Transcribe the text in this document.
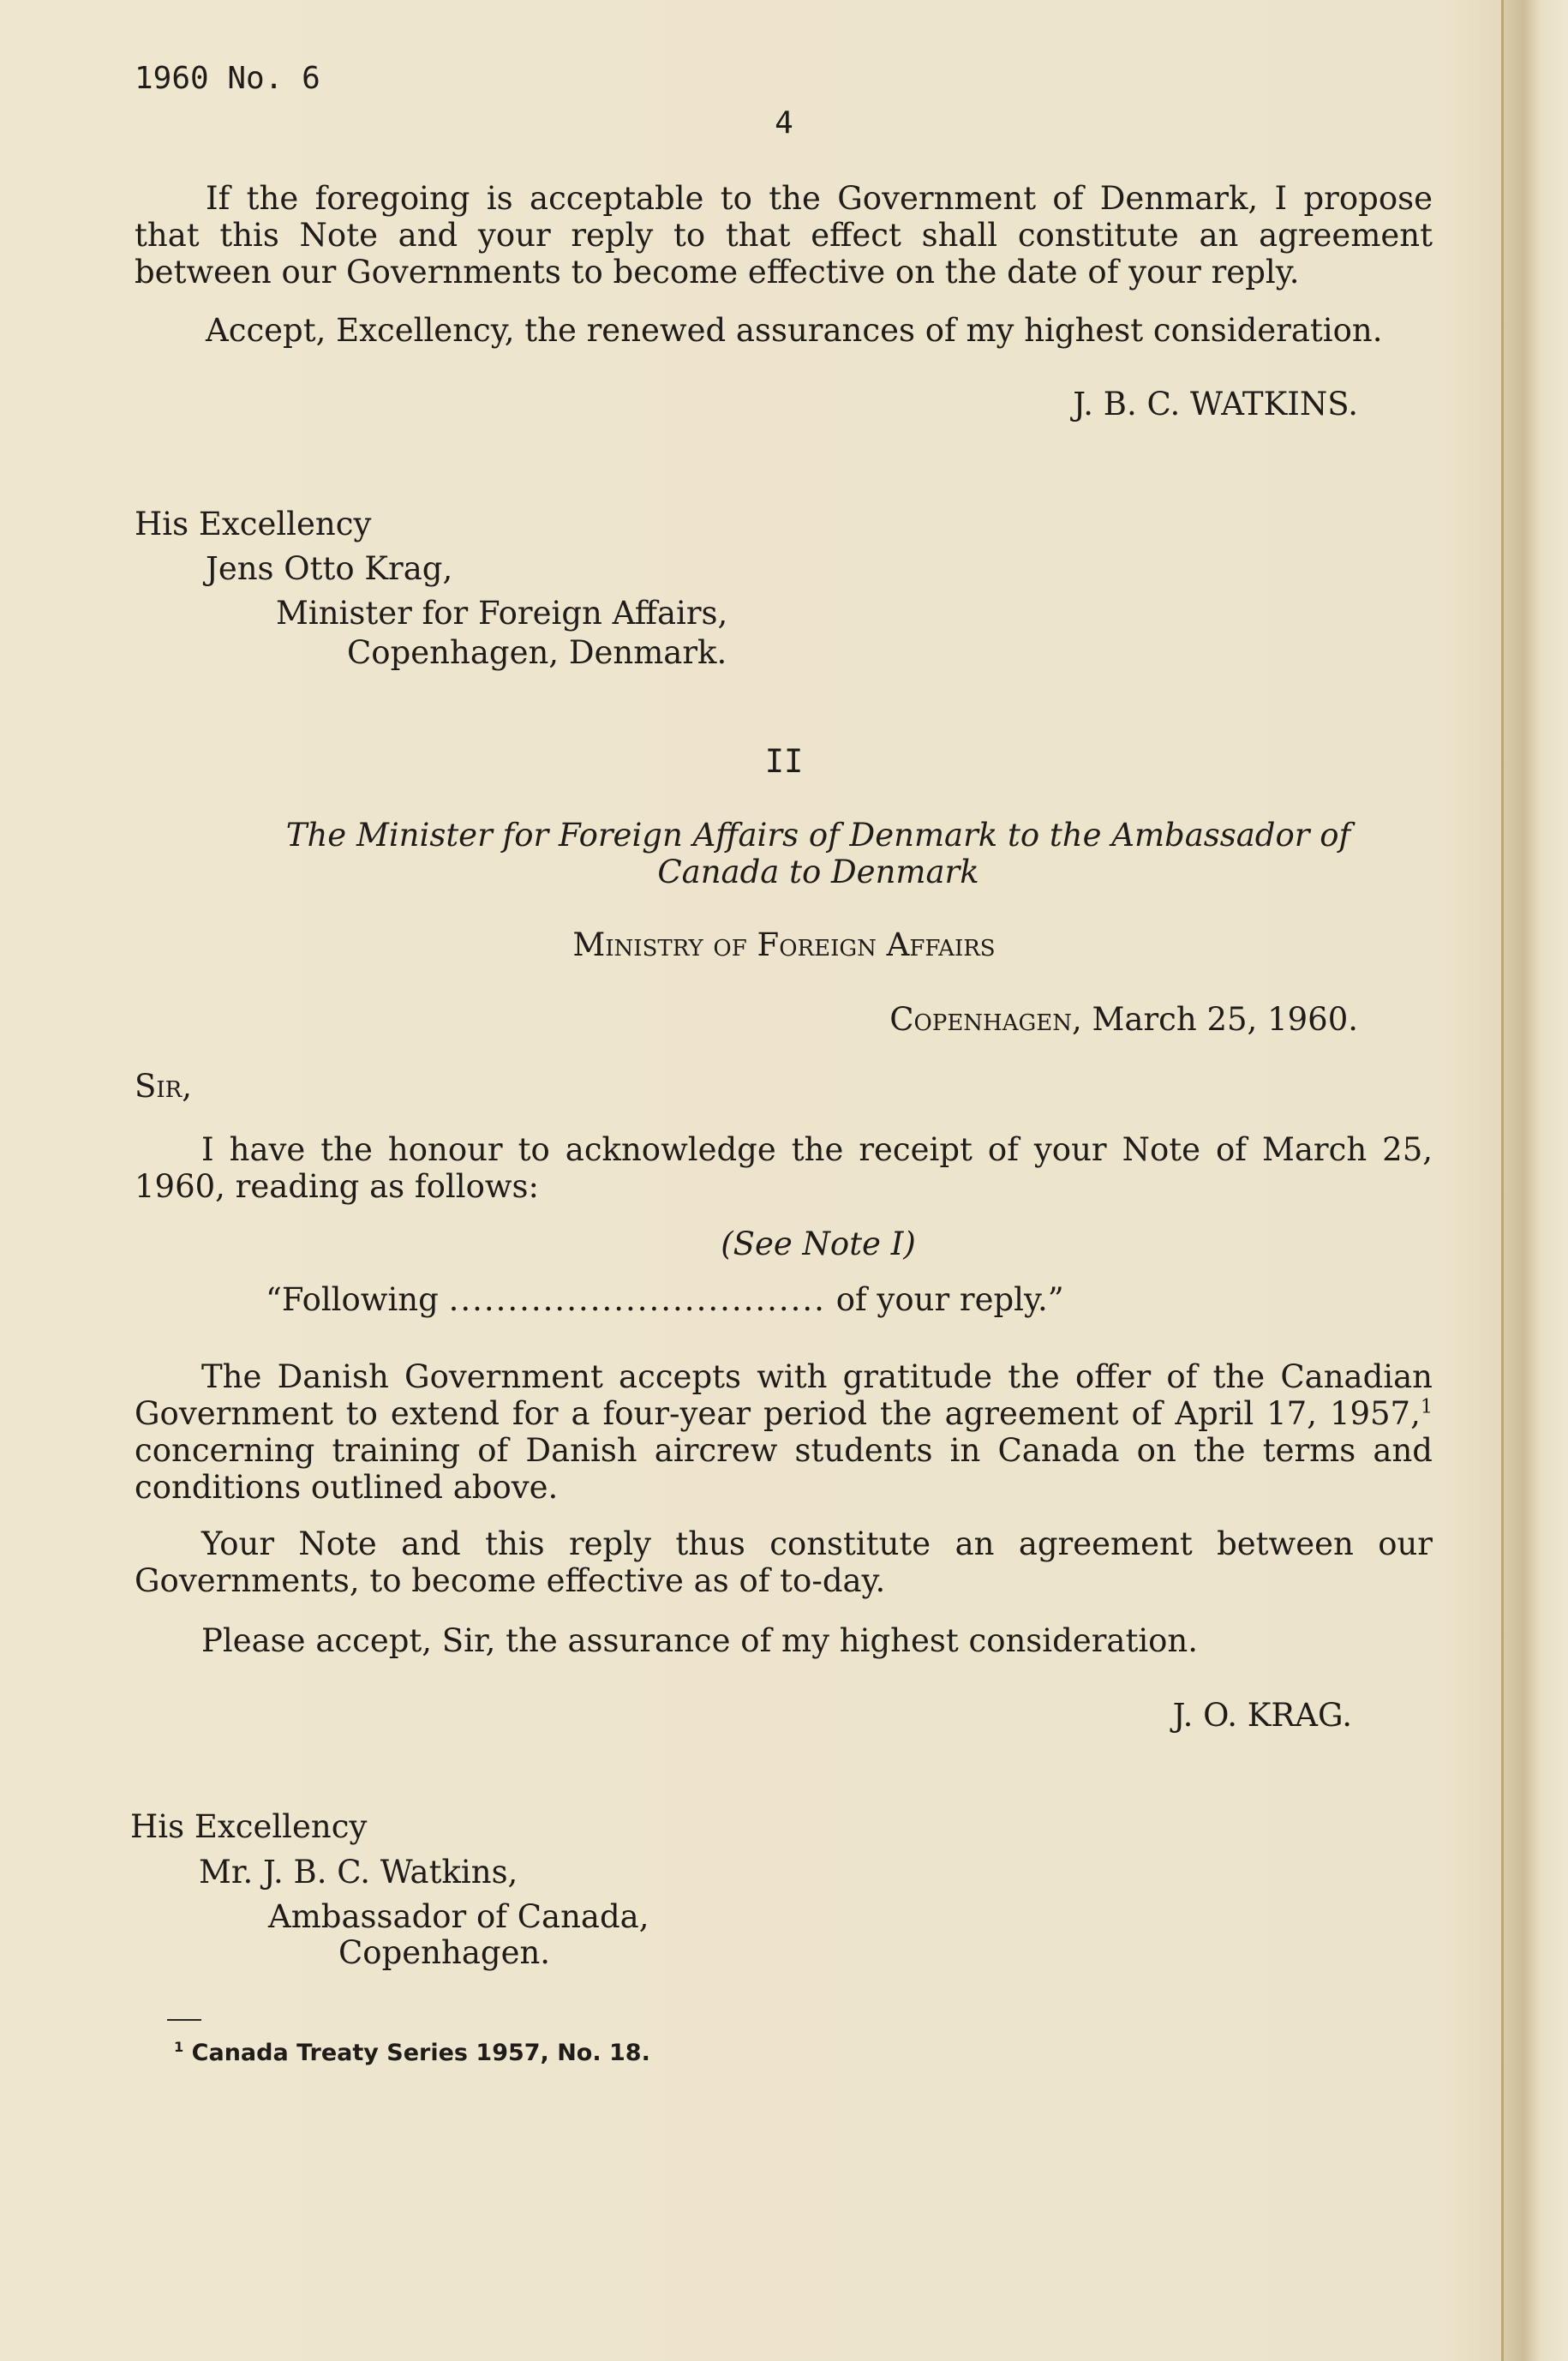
1960 No. 6
4

If the foregoing is acceptable to the Government of Denmark, I propose that this Note and your reply to that effect shall constitute an agreement between our Governments to become effective on the date of your reply.

Accept, Excellency, the renewed assurances of my highest consideration.
J. B. C. WATKINS.
His Excellency
Jens Otto Krag,
Minister for Foreign Affairs,
Copenhagen, Denmark.
II
The Minister for Foreign Affairs of Denmark to the Ambassador of
Canada to Denmark
Ministry of Foreign Affairs
Copenhagen, March 25, 1960.
Sir,

I have the honour to acknowledge the receipt of your Note of March 25, 1960, reading as follows:

(See Note I)
“Following ................................ of your reply.”

The Danish Government accepts with gratitude the offer of the Canadian Government to extend for a four-year period the agreement of April 17, 1957,$^1$ concerning training of Danish aircrew students in Canada on the terms and conditions outlined above.

Your Note and this reply thus constitute an agreement between our Governments, to become effective as of to-day.

Please accept, Sir, the assurance of my highest consideration.
J. O. KRAG.
His Excellency
Mr. J. B. C. Watkins,
Ambassador of Canada,
Copenhagen.
$^1$ Canada Treaty Series 1957, No. 18.
